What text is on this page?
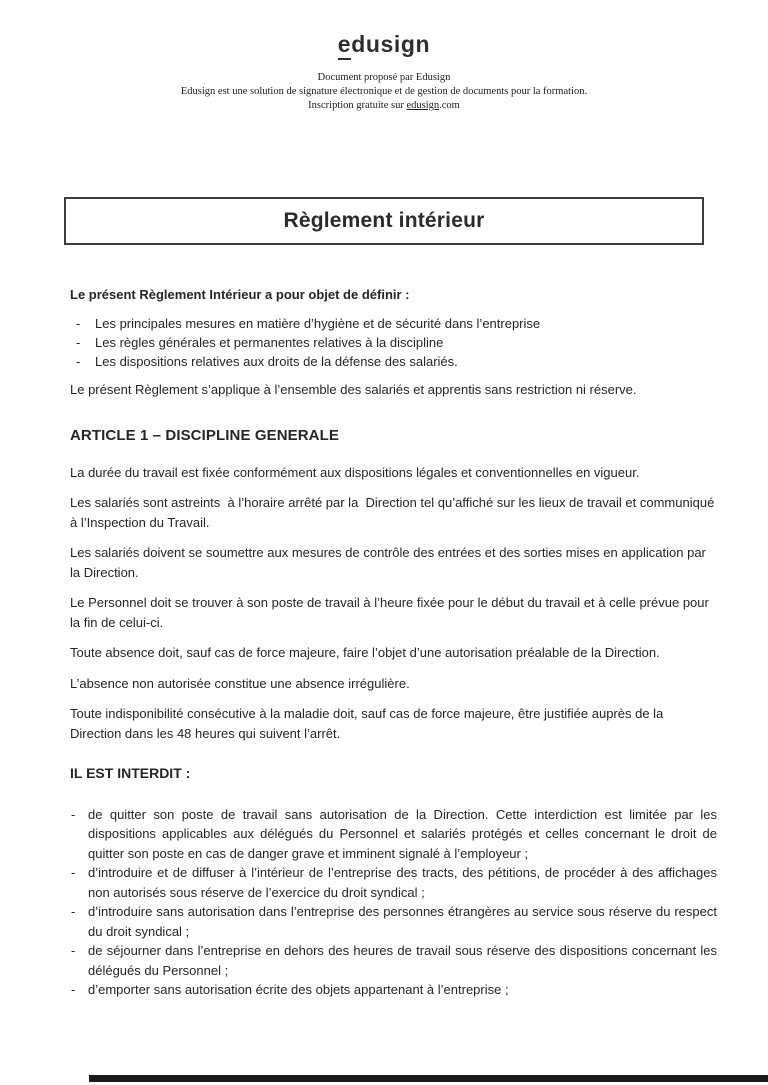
edusign
Document proposé par Edusign
Edusign est une solution de signature électronique et de gestion de documents pour la formation.
Inscription gratuite sur edusign.com
Règlement intérieur
Le présent Règlement Intérieur a pour objet de définir :
- Les principales mesures en matière d’hygiène et de sécurité dans l’entreprise
- Les règles générales et permanentes relatives à la discipline
- Les dispositions relatives aux droits de la défense des salariés.
Le présent Règlement s’applique à l’ensemble des salariés et apprentis sans restriction ni réserve.
ARTICLE 1 – DISCIPLINE GENERALE
La durée du travail est fixée conformément aux dispositions légales et conventionnelles en vigueur.
Les salariés sont astreints  à l’horaire arrêté par la  Direction tel qu’affiché sur les lieux de travail et communiqué à l’Inspection du Travail.
Les salariés doivent se soumettre aux mesures de contrôle des entrées et des sorties mises en application par la Direction.
Le Personnel doit se trouver à son poste de travail à l’heure fixée pour le début du travail et à celle prévue pour la fin de celui-ci.
Toute absence doit, sauf cas de force majeure, faire l’objet d’une autorisation préalable de la Direction.
L’absence non autorisée constitue une absence irrégulière.
Toute indisponibilité consécutive à la maladie doit, sauf cas de force majeure, être justifiée auprès de la Direction dans les 48 heures qui suivent l’arrêt.
IL EST INTERDIT :
- de quitter son poste de travail sans autorisation de la Direction. Cette interdiction est limitée par les dispositions applicables aux délégués du Personnel et salariés protégés et celles concernant le droit de quitter son poste en cas de danger grave et imminent signalé à l’employeur ;
- d’introduire et de diffuser à l’intérieur de l’entreprise des tracts, des pétitions, de procéder à des affichages non autorisés sous réserve de l’exercice du droit syndical ;
- d’introduire sans autorisation dans l’entreprise des personnes étrangères au service sous réserve du respect du droit syndical ;
- de séjourner dans l’entreprise en dehors des heures de travail sous réserve des dispositions concernant les délégués du Personnel ;
- d’emporter sans autorisation écrite des objets appartenant à l’entreprise ;
